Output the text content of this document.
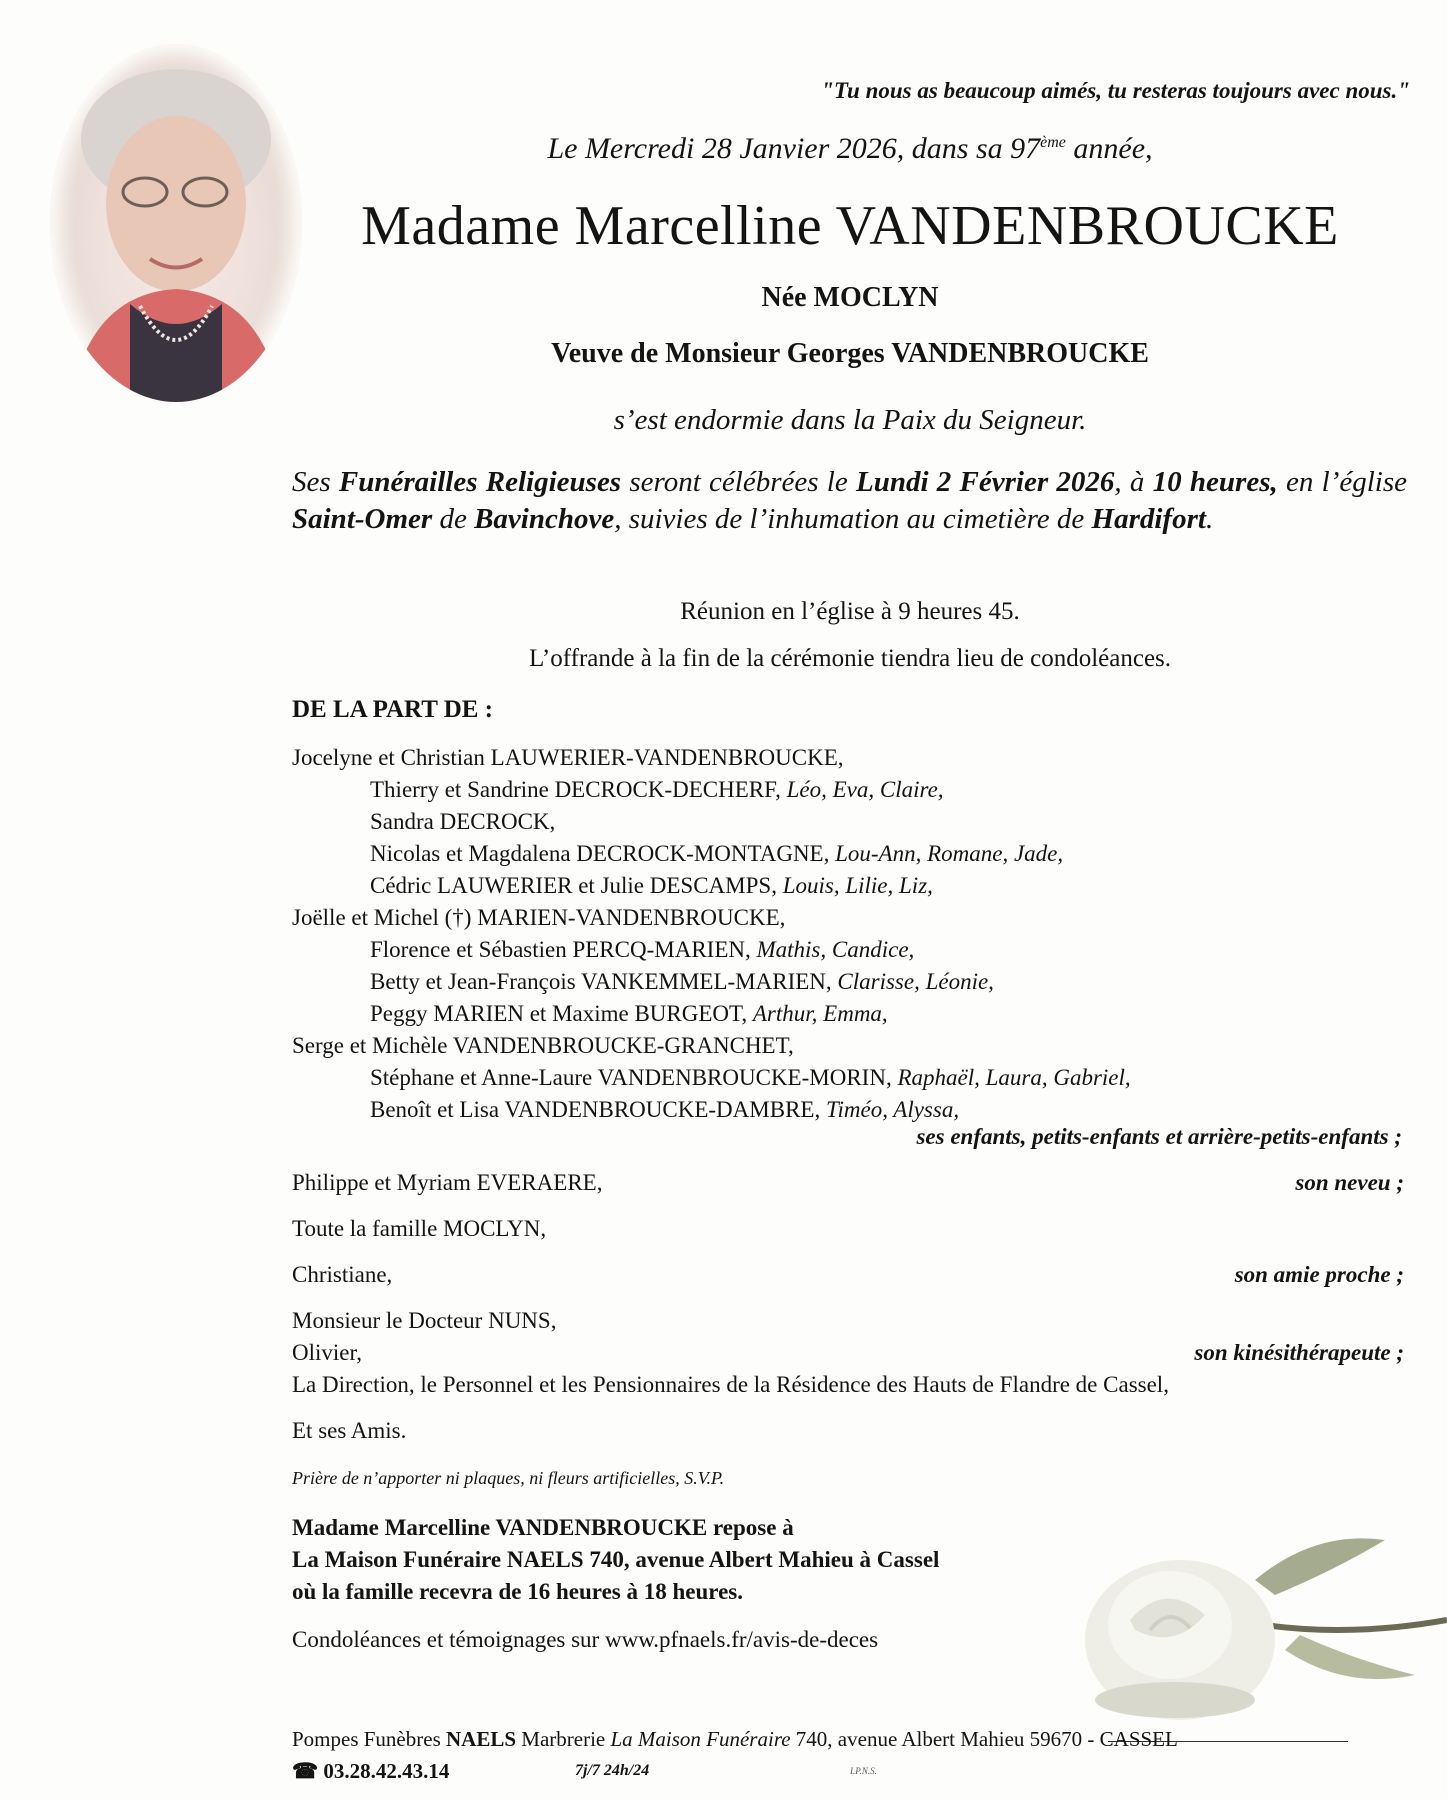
"Tu nous as beaucoup aimés, tu resteras toujours avec nous."
Le Mercredi 28 Janvier 2026, dans sa 97ème année,
Madame Marcelline VANDENBROUCKE
Née MOCLYN
Veuve de Monsieur Georges VANDENBROUCKE
s’est endormie dans la Paix du Seigneur.
Ses Funérailles Religieuses seront célébrées le Lundi 2 Février 2026, à 10 heures, en l’église Saint-Omer de Bavinchove, suivies de l’inhumation au cimetière de Hardifort.
Réunion en l’église à 9 heures 45.
L’offrande à la fin de la cérémonie tiendra lieu de condoléances.
DE LA PART DE :
Jocelyne et Christian LAUWERIER-VANDENBROUCKE,
Thierry et Sandrine DECROCK-DECHERF, Léo, Eva, Claire,
Sandra DECROCK,
Nicolas et Magdalena DECROCK-MONTAGNE, Lou-Ann, Romane, Jade,
Cédric LAUWERIER et Julie DESCAMPS, Louis, Lilie, Liz,
Joëlle et Michel (†) MARIEN-VANDENBROUCKE,
Florence et Sébastien PERCQ-MARIEN, Mathis, Candice,
Betty et Jean-François VANKEMMEL-MARIEN, Clarisse, Léonie,
Peggy MARIEN et Maxime BURGEOT, Arthur, Emma,
Serge et Michèle VANDENBROUCKE-GRANCHET,
Stéphane et Anne-Laure VANDENBROUCKE-MORIN, Raphaël, Laura, Gabriel,
Benoît et Lisa VANDENBROUCKE-DAMBRE, Timéo, Alyssa,
ses enfants, petits-enfants et arrière-petits-enfants ;
Philippe et Myriam EVERAERE,	son neveu ;
Toute la famille MOCLYN,
Christiane,	son amie proche ;
Monsieur le Docteur NUNS,
Olivier,	son kinésithérapeute ;
La Direction, le Personnel et les Pensionnaires de la Résidence des Hauts de Flandre de Cassel,
Et ses Amis.
Prière de n’apporter ni plaques, ni fleurs artificielles, S.V.P.
Madame Marcelline VANDENBROUCKE repose à
La Maison Funéraire NAELS 740, avenue Albert Mahieu à Cassel
où la famille recevra de 16 heures à 18 heures.
Condoléances et témoignages sur www.pfnaels.fr/avis-de-deces
Pompes Funèbres NAELS Marbrerie La Maison Funéraire 740, avenue Albert Mahieu 59670 - CASSEL
☎ 03.28.42.43.14	7j/7 24h/24	I.P.N.S.
